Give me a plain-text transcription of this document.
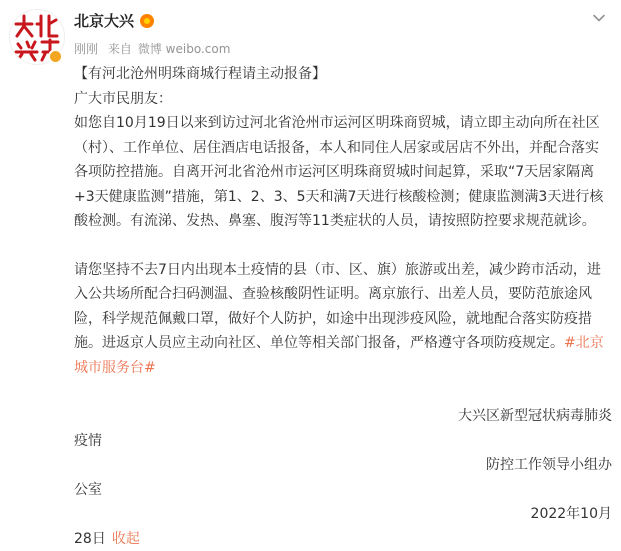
北京大兴
刚刚 来自 微博 weibo.com

【有河北沧州明珠商城行程请主动报备】

广大市民朋友：

如您自10月19日以来到访过河北省沧州市运河区明珠商贸城，请立即主动向所在社区（村）、工作单位、居住酒店电话报备，本人和同住人居家或居店不外出，并配合落实各项防控措施。自离开河北省沧州市运河区明珠商贸城时间起算，采取“7天居家隔离+3天健康监测”措施，第1、2、3、5天和满7天进行核酸检测；健康监测满3天进行核酸检测。有流涕、发热、鼻塞、腹泻等11类症状的人员，请按照防控要求规范就诊。

请您坚持不去7日内出现本土疫情的县（市、区、旗）旅游或出差，减少跨市活动，进入公共场所配合扫码测温、查验核酸阴性证明。离京旅行、出差人员，要防范旅途风险，科学规范佩戴口罩，做好个人防护，如途中出现涉疫风险，就地配合落实防疫措施。进返京人员应主动向社区、单位等相关部门报备，严格遵守各项防疫规定。#北京城市服务台#

大兴区新型冠状病毒肺炎

疫情

防控工作领导小组办

公室

2022年10月

28日 收起
